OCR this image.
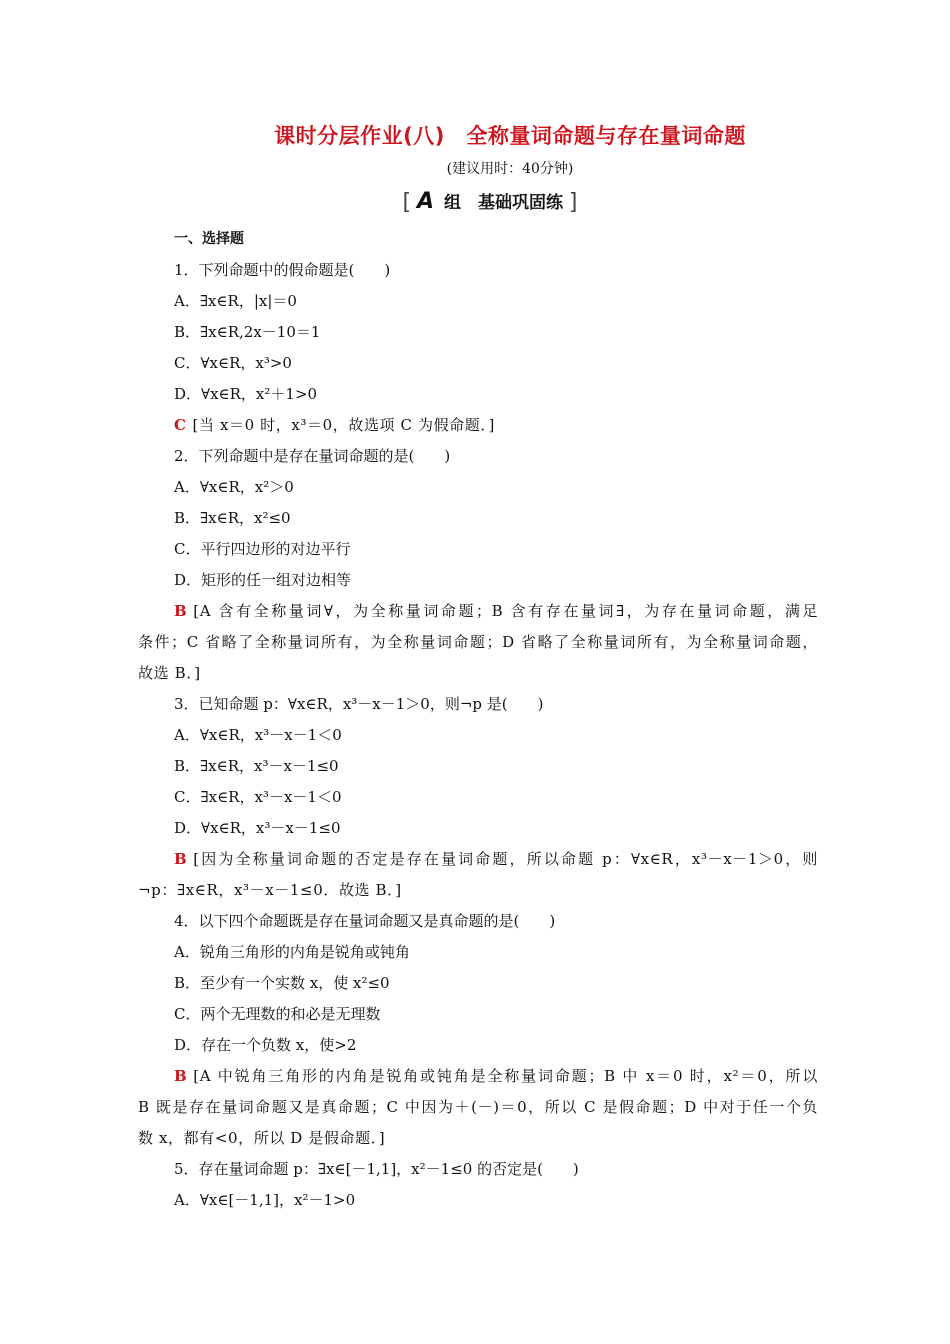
课时分层作业(八)　全称量词命题与存在量词命题
(建议用时：40分钟)
[ A 组　基础巩固练 ]
一、选择题
1．下列命题中的假命题是(　　)
A．∃x∈R，|x|＝0
B．∃x∈R,2x－10＝1
C．∀x∈R，x³>0
D．∀x∈R，x²＋1>0
C [当 x＝0 时，x³＝0，故选项 C 为假命题．]
2．下列命题中是存在量词命题的是(　　)
A．∀x∈R，x²＞0
B．∃x∈R，x²≤0
C．平行四边形的对边平行
D．矩形的任一组对边相等
B [A 含有全称量词∀，为全称量词命题；B 含有存在量词∃，为存在量词命题，满足
条件；C 省略了全称量词所有，为全称量词命题；D 省略了全称量词所有，为全称量词命题，
故选 B．]
3．已知命题 p：∀x∈R，x³－x－1＞0，则¬p 是(　　)
A．∀x∈R，x³－x－1＜0
B．∃x∈R，x³－x－1≤0
C．∃x∈R，x³－x－1＜0
D．∀x∈R，x³－x－1≤0
B [因为全称量词命题的否定是存在量词命题，所以命题 p：∀x∈R，x³－x－1＞0，则
¬p：∃x∈R，x³－x－1≤0．故选 B．]
4．以下四个命题既是存在量词命题又是真命题的是(　　)
A．锐角三角形的内角是锐角或钝角
B．至少有一个实数 x，使 x²≤0
C．两个无理数的和必是无理数
D．存在一个负数 x，使>2
B [A 中锐角三角形的内角是锐角或钝角是全称量词命题；B 中 x＝0 时，x²＝0，所以
B 既是存在量词命题又是真命题；C 中因为＋(－)＝0，所以 C 是假命题；D 中对于任一个负
数 x，都有<0，所以 D 是假命题．]
5．存在量词命题 p：∃x∈[－1,1]，x²－1≤0 的否定是(　　)
A．∀x∈[－1,1]，x²－1>0
